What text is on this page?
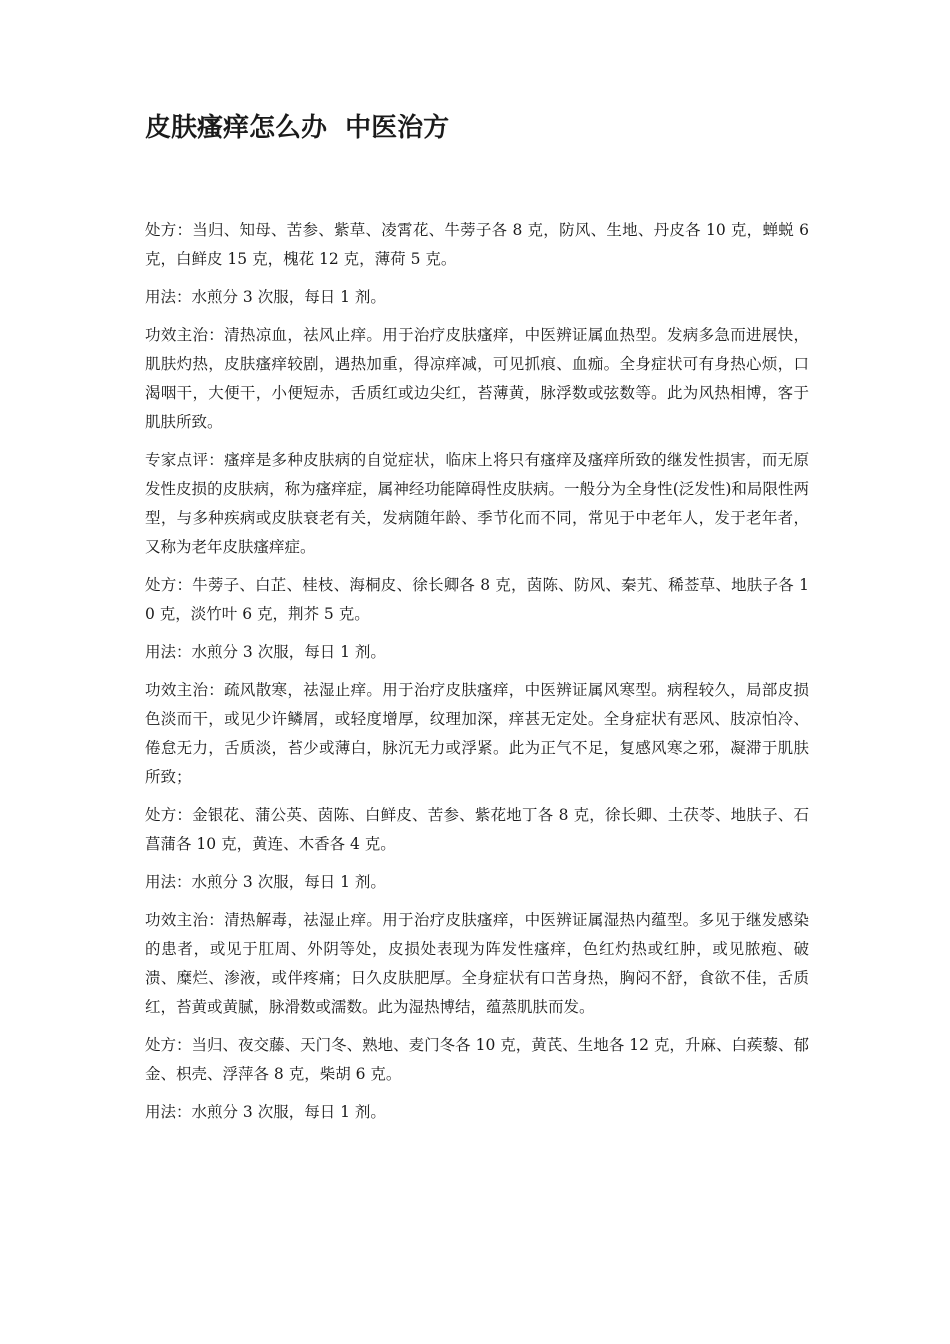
皮肤瘙痒怎么办  中医治方

处方：当归、知母、苦参、紫草、凌霄花、牛蒡子各 8 克，防风、生地、丹皮各 10 克，蝉蜕 6 克，白鲜皮 15 克，槐花 12 克，薄荷 5 克。

用法：水煎分 3 次服，每日 1 剂。

功效主治：清热凉血，祛风止痒。用于治疗皮肤瘙痒，中医辨证属血热型。发病多急而进展快，肌肤灼热，皮肤瘙痒较剧，遇热加重，得凉痒减，可见抓痕、血痂。全身症状可有身热心烦，口渴咽干，大便干，小便短赤，舌质红或边尖红，苔薄黄，脉浮数或弦数等。此为风热相博，客于肌肤所致。

专家点评：瘙痒是多种皮肤病的自觉症状，临床上将只有瘙痒及瘙痒所致的继发性损害，而无原发性皮损的皮肤病，称为瘙痒症，属神经功能障碍性皮肤病。一般分为全身性(泛发性)和局限性两型，与多种疾病或皮肤衰老有关，发病随年龄、季节化而不同，常见于中老年人，发于老年者，又称为老年皮肤瘙痒症。

处方：牛蒡子、白芷、桂枝、海桐皮、徐长卿各 8 克，茵陈、防风、秦艽、稀莶草、地肤子各 10 克，淡竹叶 6 克，荆芥 5 克。

用法：水煎分 3 次服，每日 1 剂。

功效主治：疏风散寒，祛湿止痒。用于治疗皮肤瘙痒，中医辨证属风寒型。病程较久，局部皮损色淡而干，或见少许鳞屑，或轻度增厚，纹理加深，痒甚无定处。全身症状有恶风、肢凉怕冷、倦怠无力，舌质淡，苔少或薄白，脉沉无力或浮紧。此为正气不足，复感风寒之邪，凝滞于肌肤所致；

处方：金银花、蒲公英、茵陈、白鲜皮、苦参、紫花地丁各 8 克，徐长卿、土茯苓、地肤子、石菖蒲各 10 克，黄连、木香各 4 克。

用法：水煎分 3 次服，每日 1 剂。

功效主治：清热解毒，祛湿止痒。用于治疗皮肤瘙痒，中医辨证属湿热内蕴型。多见于继发感染的患者，或见于肛周、外阴等处，皮损处表现为阵发性瘙痒，色红灼热或红肿，或见脓疱、破溃、糜烂、渗液，或伴疼痛；日久皮肤肥厚。全身症状有口苦身热，胸闷不舒，食欲不佳，舌质红，苔黄或黄腻，脉滑数或濡数。此为湿热博结，蕴蒸肌肤而发。

处方：当归、夜交藤、天门冬、熟地、麦门冬各 10 克，黄芪、生地各 12 克，升麻、白蒺藜、郁金、枳壳、浮萍各 8 克，柴胡 6 克。

用法：水煎分 3 次服，每日 1 剂。
